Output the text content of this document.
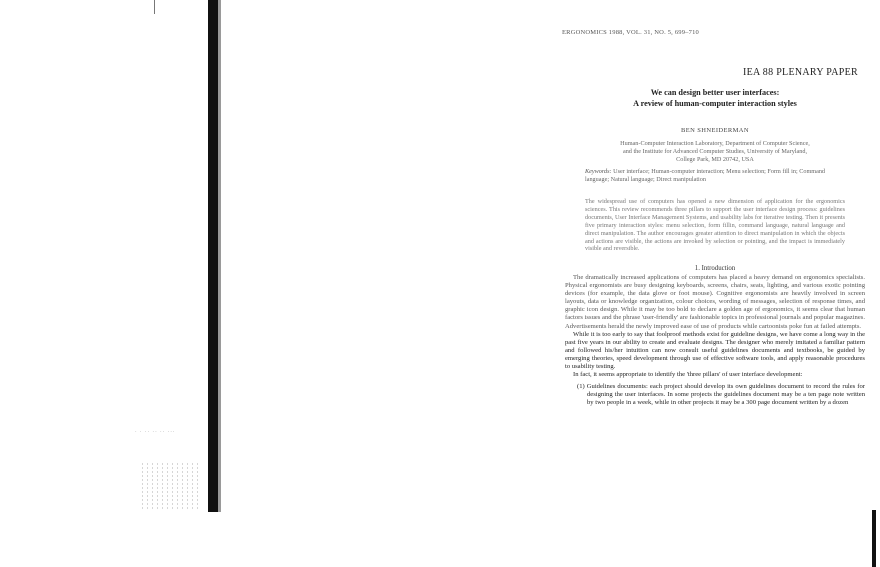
· · ·· ·· ·· ···
ERGONOMICS 1988, VOL. 31, NO. 5, 699–710
IEA 88 PLENARY PAPER
We can design better user interfaces:
A review of human-computer interaction styles
BEN SHNEIDERMAN
Human-Computer Interaction Laboratory, Department of Computer Science,
and the Institute for Advanced Computer Studies, University of Maryland,
College Park, MD 20742, USA
Keywords: User interface; Human-computer interaction; Menu selection; Form fill in; Command language; Natural language; Direct manipulation
The widespread use of computers has opened a new dimension of application for the ergonomics sciences. This review recommends three pillars to support the user interface design process: guidelines documents, User Interface Management Systems, and usability labs for iterative testing. Then it presents five primary interaction styles: menu selection, form fillin, command language, natural language and direct manipulation. The author encourages greater attention to direct manipulation in which the objects and actions are visible, the actions are invoked by selection or pointing, and the impact is immediately visible and reversible.
1. Introduction

The dramatically increased applications of computers has placed a heavy demand on ergonomics specialists. Physical ergonomists are busy designing keyboards, screens, chairs, seats, lighting, and various exotic pointing devices (for example, the data glove or foot mouse). Cognitive ergonomists are heavily involved in screen layouts, data or knowledge organization, colour choices, wording of messages, selection of response times, and graphic icon design. While it may be too bold to declare a golden age of ergonomics, it seems clear that human factors issues and the phrase 'user-friendly' are fashionable topics in professional journals and popular magazines. Advertisements herald the newly improved ease of use of products while cartoonists poke fun at failed attempts.

While it is too early to say that foolproof methods exist for guideline designs, we have come a long way in the past five years in our ability to create and evaluate designs. The designer who merely imitated a familiar pattern and followed his/her intuition can now consult useful guidelines documents and textbooks, be guided by emerging theories, speed development through use of effective software tools, and apply reasonable procedures to usability testing.

In fact, it seems appropriate to identify the 'three pillars' of user interface development:

(1) Guidelines documents: each project should develop its own guidelines document to record the rules for designing the user interfaces. In some projects the guidelines document may be a ten page note written by two people in a week, while in other projects it may be a 300 page document written by a dozen
